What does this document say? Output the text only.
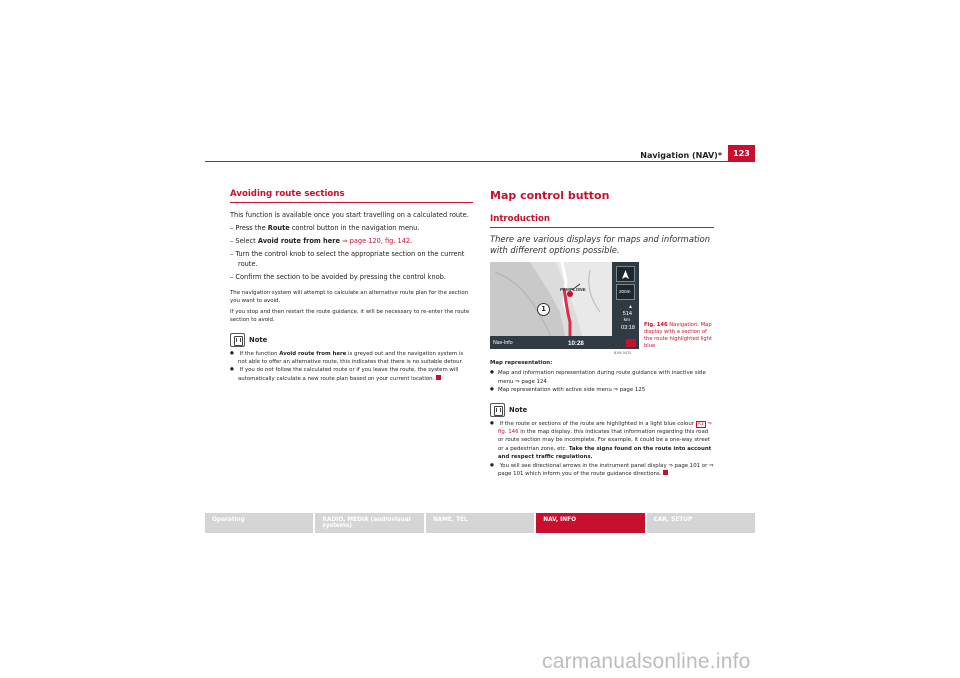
Navigation (NAV)*	123
Avoiding route sections
This function is available once you start travelling on a calculated route.
– Press the Route control button in the navigation menu.
– Select Avoid route from here ⇒ page 120, fig. 142.
– Turn the control knob to select the appropriate section on the current route.
– Confirm the section to be avoided by pressing the control knob.
The navigation system will attempt to calculate an alternative route plan for the section you want to avoid.
If you stop and then restart the route guidance, it will be necessary to re-enter the route section to avoid.
Note
● If the function Avoid route from here is greyed out and the navigation system is not able to offer an alternative route, this indicates that there is no suitable detour.
● If you do not follow the calculated route or if you leave the route, the system will automatically calculate a new route plan based on your current location.
Map control button
Introduction
There are various displays for maps and information with different options possible.
PAMPLONE
1
200m
▲
514
km
03:18
Nav-Info	10:28
Fig. 146 Navigation: Map display with a section of the route highlighted light blue
B3M-0425
Map representation:
● Map and information representation during route guidance with inactive side menu ⇒ page 124
● Map representation with active side menu ⇒ page 125
Note
● If the route or sections of the route are highlighted in a light blue colour A1 ⇒ fig. 146 in the map display, this indicates that information regarding this road or route section may be incomplete. For example, it could be a one-way street or a pedestrian zone, etc. Take the signs found on the route into account and respect traffic regulations.
● You will see directional arrows in the instrument panel display ⇒ page 101 or ⇒ page 101 which inform you of the route guidance directions.
Operating	RADIO, MEDIA (audiovisual systems)
NAME, TEL	NAV, INFO	CAR, SETUP
carmanualsonline.info
